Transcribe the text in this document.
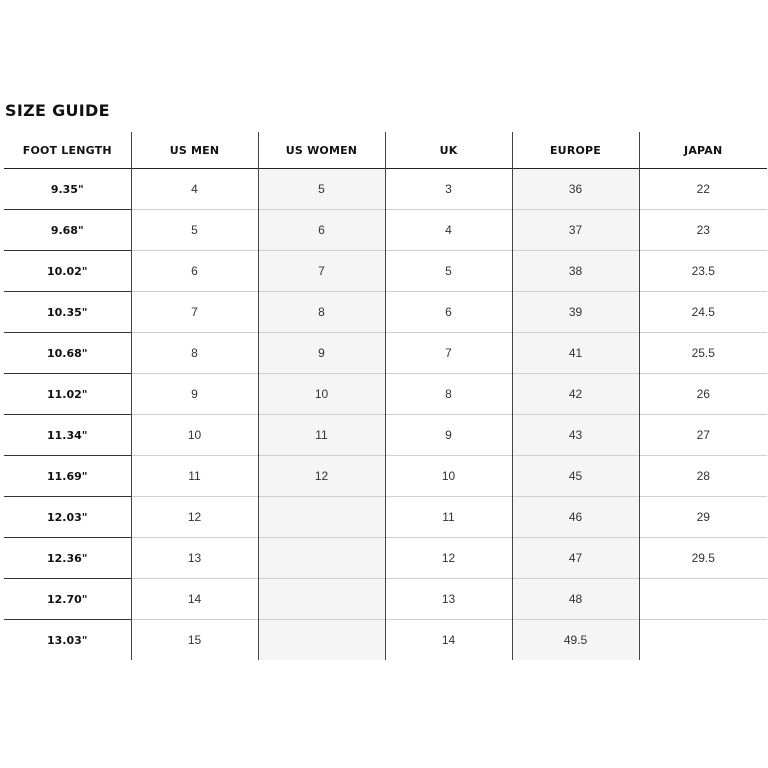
SIZE GUIDE
FOOT LENGTH	US MEN	US WOMEN	UK	EUROPE	JAPAN
9.35"	4	5	3	36	22
9.68"	5	6	4	37	23
10.02"	6	7	5	38	23.5
10.35"	7	8	6	39	24.5
10.68"	8	9	7	41	25.5
11.02"	9	10	8	42	26
11.34"	10	11	9	43	27
11.69"	11	12	10	45	28
12.03"	12		11	46	29
12.36"	13		12	47	29.5
12.70"	14		13	48	
13.03"	15		14	49.5	
